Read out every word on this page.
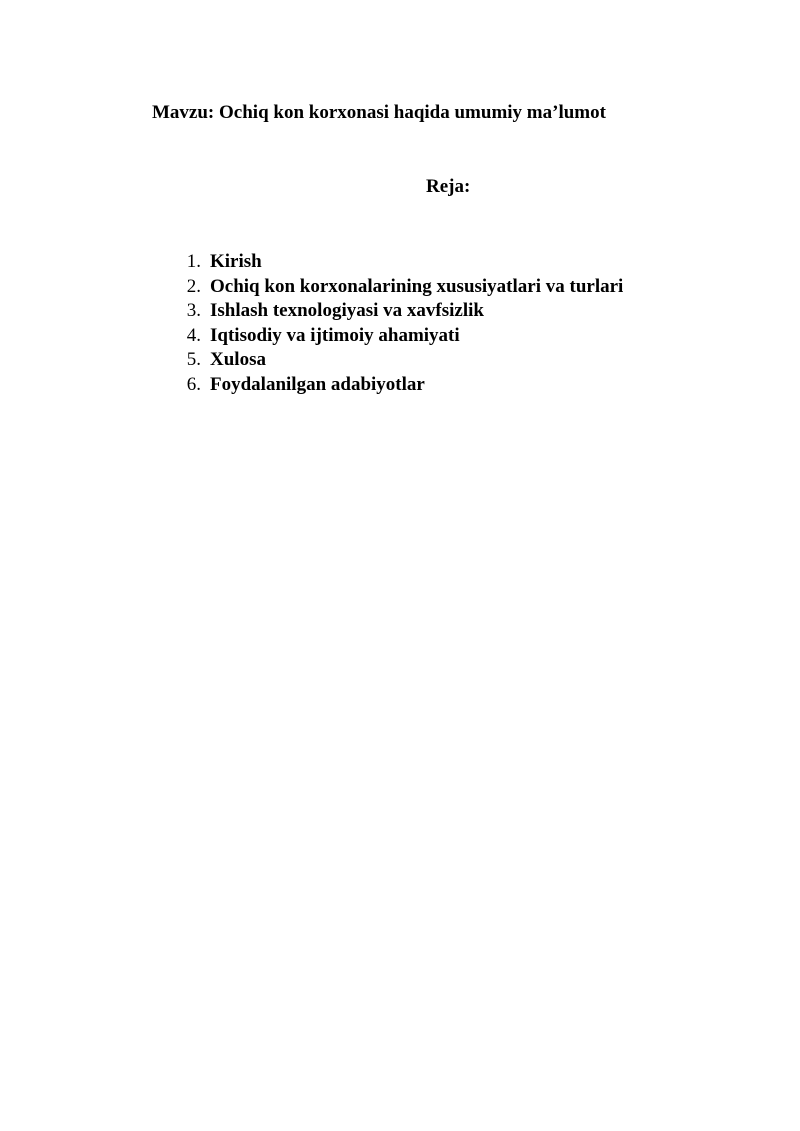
Mavzu: Ochiq kon korxonasi haqida umumiy ma’lumot
Reja:
1. Kirish
2. Ochiq kon korxonalarining xususiyatlari va turlari
3. Ishlash texnologiyasi va xavfsizlik
4. Iqtisodiy va ijtimoiy ahamiyati
5. Xulosa
6. Foydalanilgan adabiyotlar
